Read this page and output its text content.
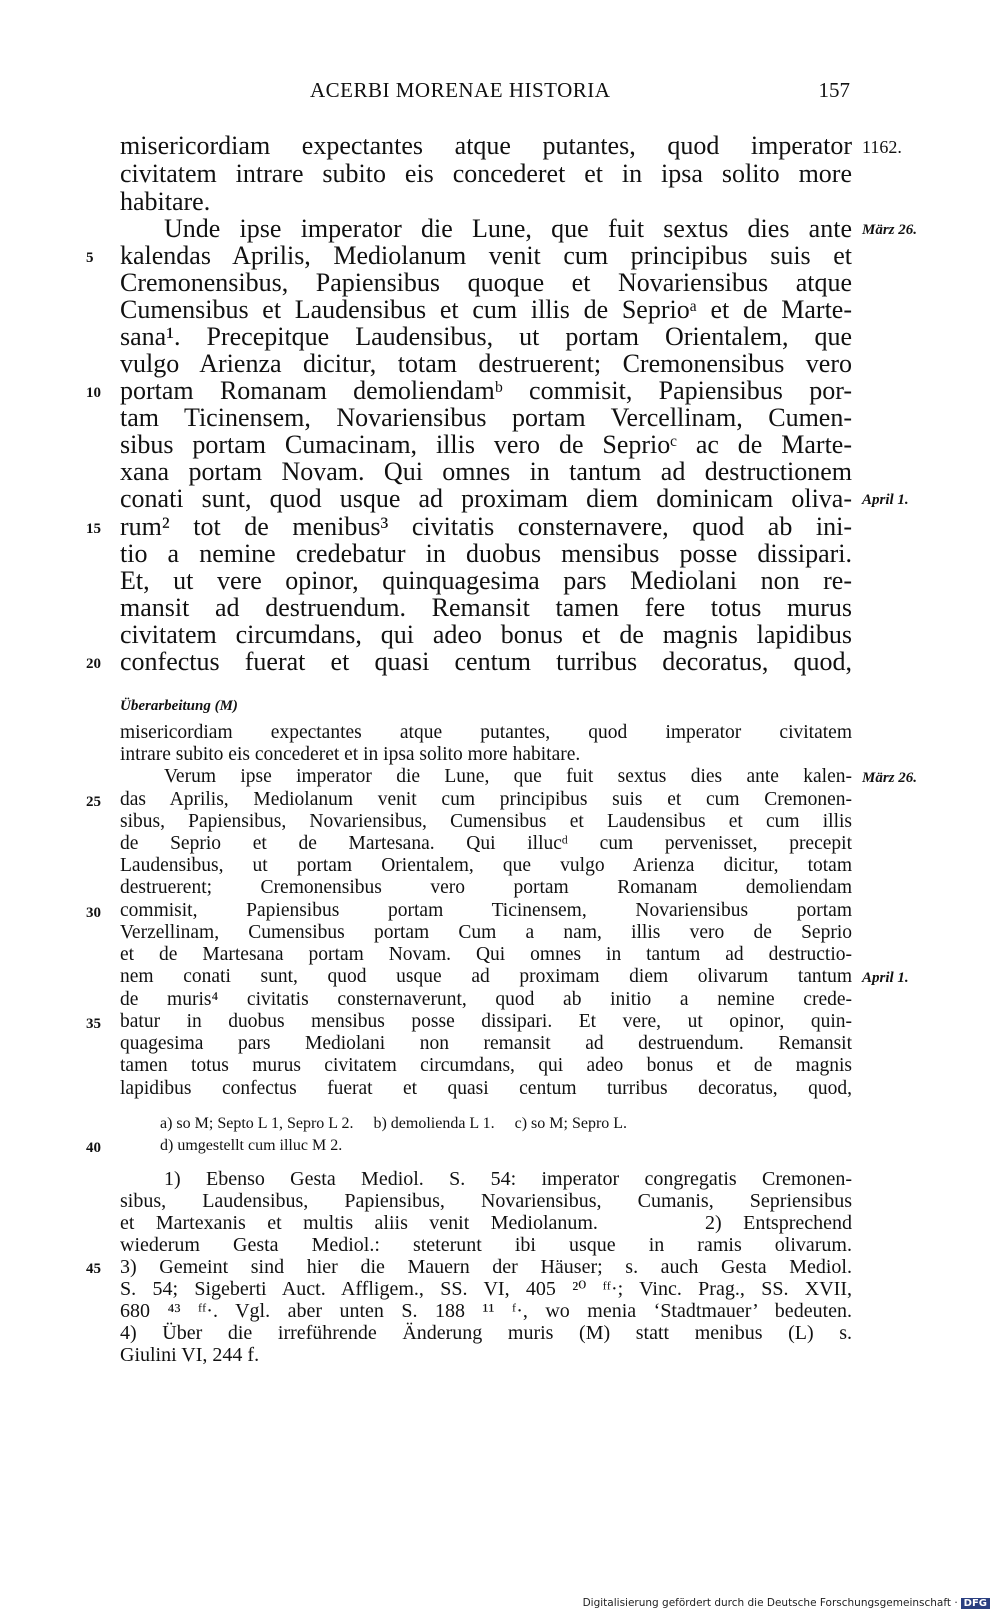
ACERBI MORENAE HISTORIA	157
misericordiam expectantes atque putantes, quod imperator
civitatem intrare subito eis concederet et in ipsa solito more
habitare.
Unde ipse imperator die Lune, que fuit sextus dies ante
kalendas Aprilis, Mediolanum venit cum principibus suis et
Cremonensibus, Papiensibus quoque et Novariensibus atque
Cumensibus et Laudensibus et cum illis de Seprioᵃ et de Marte-
sana¹. Precepitque Laudensibus, ut portam Orientalem, que
vulgo Arienza dicitur, totam destruerent; Cremonensibus vero
portam Romanam demoliendamᵇ commisit, Papiensibus por-
tam Ticinensem, Novariensibus portam Vercellinam, Cumen-
sibus portam Cumacinam, illis vero de Seprioᶜ ac de Marte-
xana portam Novam. Qui omnes in tantum ad destructionem
conati sunt, quod usque ad proximam diem dominicam oliva-
rum² tot de menibus³ civitatis consternavere, quod ab ini-
tio a nemine credebatur in duobus mensibus posse dissipari.
Et, ut vere opinor, quinquagesima pars Mediolani non re-
mansit ad destruendum. Remansit tamen fere totus murus
civitatem circumdans, qui adeo bonus et de magnis lapidibus
confectus fuerat et quasi centum turribus decoratus, quod,
5
10
15
20
1162.
März 26.
April 1.
Überarbeitung (M)
misericordiam expectantes atque putantes, quod imperator civitatem
intrare subito eis concederet et in ipsa solito more habitare.
Verum ipse imperator die Lune, que fuit sextus dies ante kalen-
das Aprilis, Mediolanum venit cum principibus suis et cum Cremonen-
sibus, Papiensibus, Novariensibus, Cumensibus et Laudensibus et cum illis
de Seprio et de Martesana. Qui illucᵈ cum pervenisset, precepit
Laudensibus, ut portam Orientalem, que vulgo Arienza dicitur, totam
destruerent; Cremonensibus vero portam Romanam demoliendam
commisit, Papiensibus portam Ticinensem, Novariensibus portam
Verzellinam, Cumensibus portam Cum a nam, illis vero de Seprio
et de Martesana portam Novam. Qui omnes in tantum ad destructio-
nem conati sunt, quod usque ad proximam diem olivarum tantum
de muris⁴ civitatis consternaverunt, quod ab initio a nemine crede-
batur in duobus mensibus posse dissipari. Et vere, ut opinor, quin-
quagesima pars Mediolani non remansit ad destruendum. Remansit
tamen totus murus civitatem circumdans, qui adeo bonus et de magnis
lapidibus confectus fuerat et quasi centum turribus decoratus, quod,
25
30
35
März 26.
April 1.
a) so M; Septo L 1, Sepro L 2.     b) demolienda L 1.     c) so M; Sepro L.
d) umgestellt cum illuc M 2.
40
1) Ebenso Gesta Mediol. S. 54: imperator congregatis Cremonen-
sibus, Laudensibus, Papiensibus, Novariensibus, Cumanis, Sepriensibus
et Martexanis et multis aliis venit Mediolanum.     2) Entsprechend
wiederum Gesta Mediol.: steterunt ibi usque in ramis olivarum.
3) Gemeint sind hier die Mauern der Häuser; s. auch Gesta Mediol.
S. 54; Sigeberti Auct. Affligem., SS. VI, 405 ²⁰ ᶠᶠ·; Vinc. Prag., SS. XVII,
680 ⁴³ ᶠᶠ·. Vgl. aber unten S. 188 ¹¹ ᶠ·, wo menia ‘Stadtmauer’ bedeuten.
4) Über die irreführende Änderung muris (M) statt menibus (L) s.
Giulini VI, 244 f.
45
Digitalisierung gefördert durch die Deutsche Forschungsgemeinschaft · DFG
